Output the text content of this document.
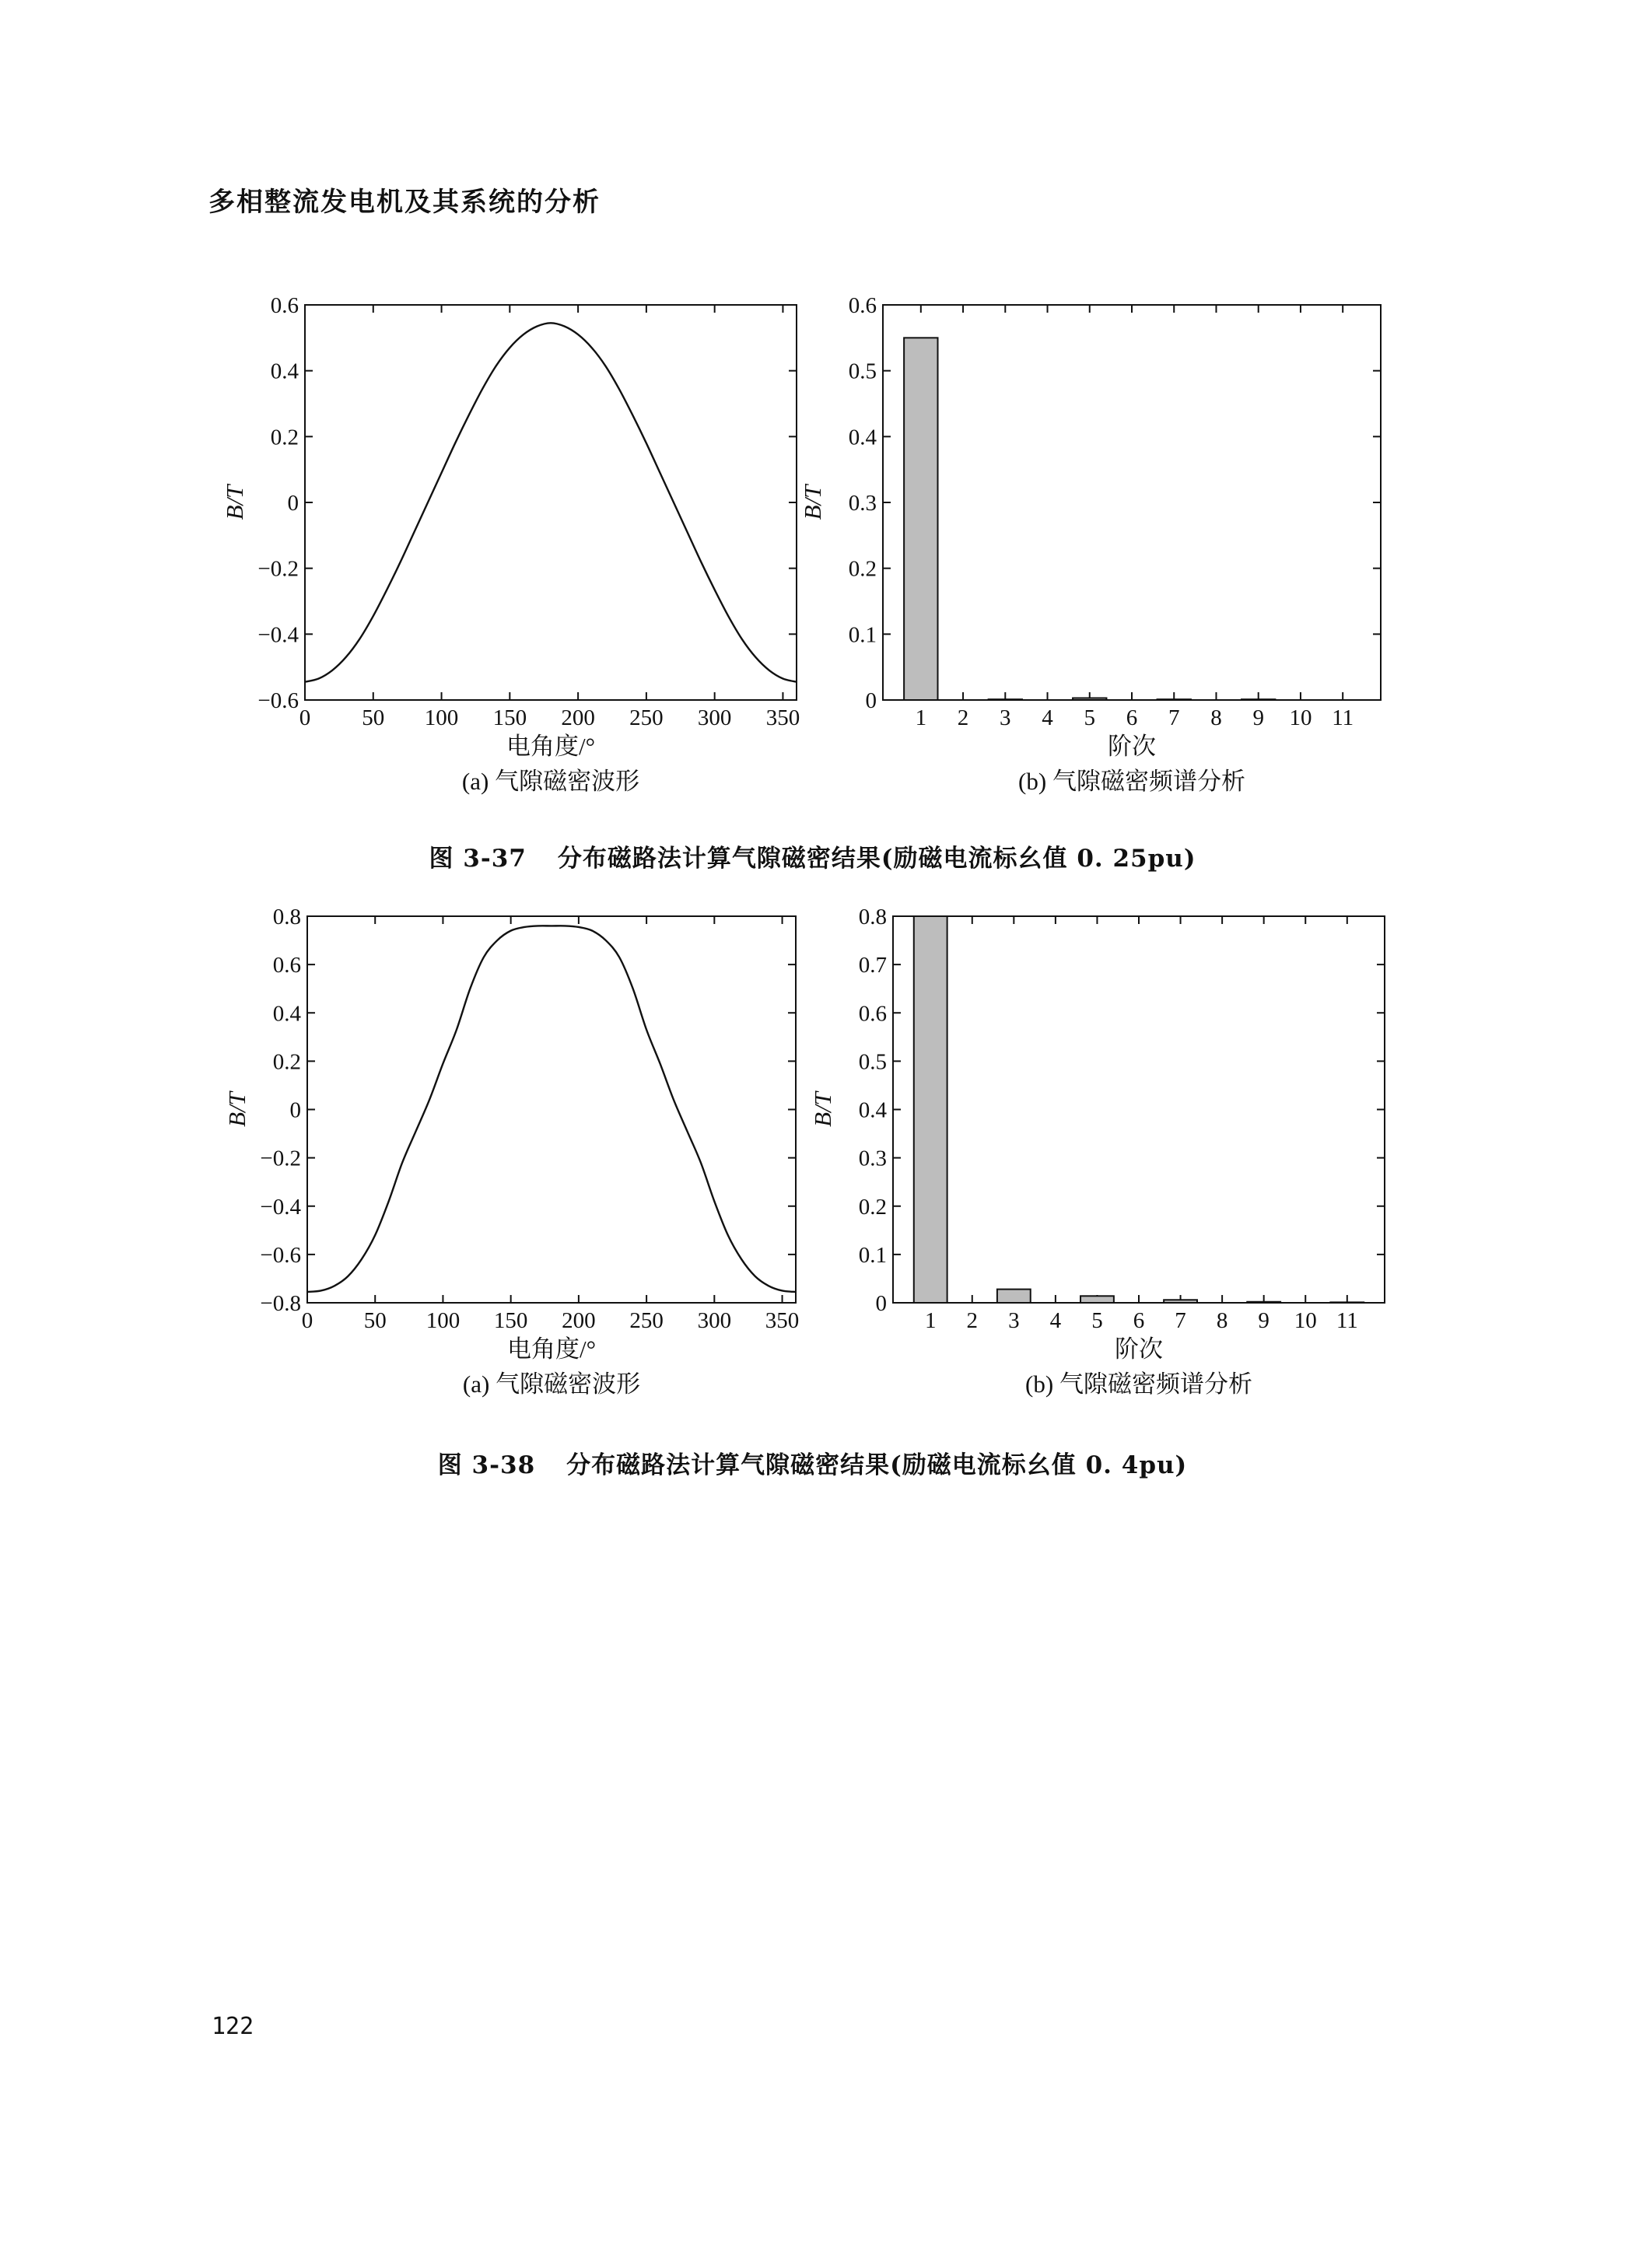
多相整流发电机及其系统的分析
−0.6
−0.4
−0.2
0
0.2
0.4
0.6
0 50 100 150 200 250 300 350
电角度/°
B/T
(a) 气隙磁密波形
0
0.1
0.2
0.3
0.4
0.5
0.6
1 2 3 4 5 6 7 8 9 10 11
阶次
B/T
(b) 气隙磁密频谱分析
图 3-37 分布磁路法计算气隙磁密结果(励磁电流标幺值 0. 25pu)
−0.8
−0.6
−0.4
−0.2
0
0.2
0.4
0.6
0.8
0 50 100 150 200 250 300 350
电角度/°
B/T
(a) 气隙磁密波形
0
0.1
0.2
0.3
0.4
0.5
0.6
0.7
0.8
1 2 3 4 5 6 7 8 9 10 11
阶次
B/T
(b) 气隙磁密频谱分析
图 3-38 分布磁路法计算气隙磁密结果(励磁电流标幺值 0. 4pu)
122
